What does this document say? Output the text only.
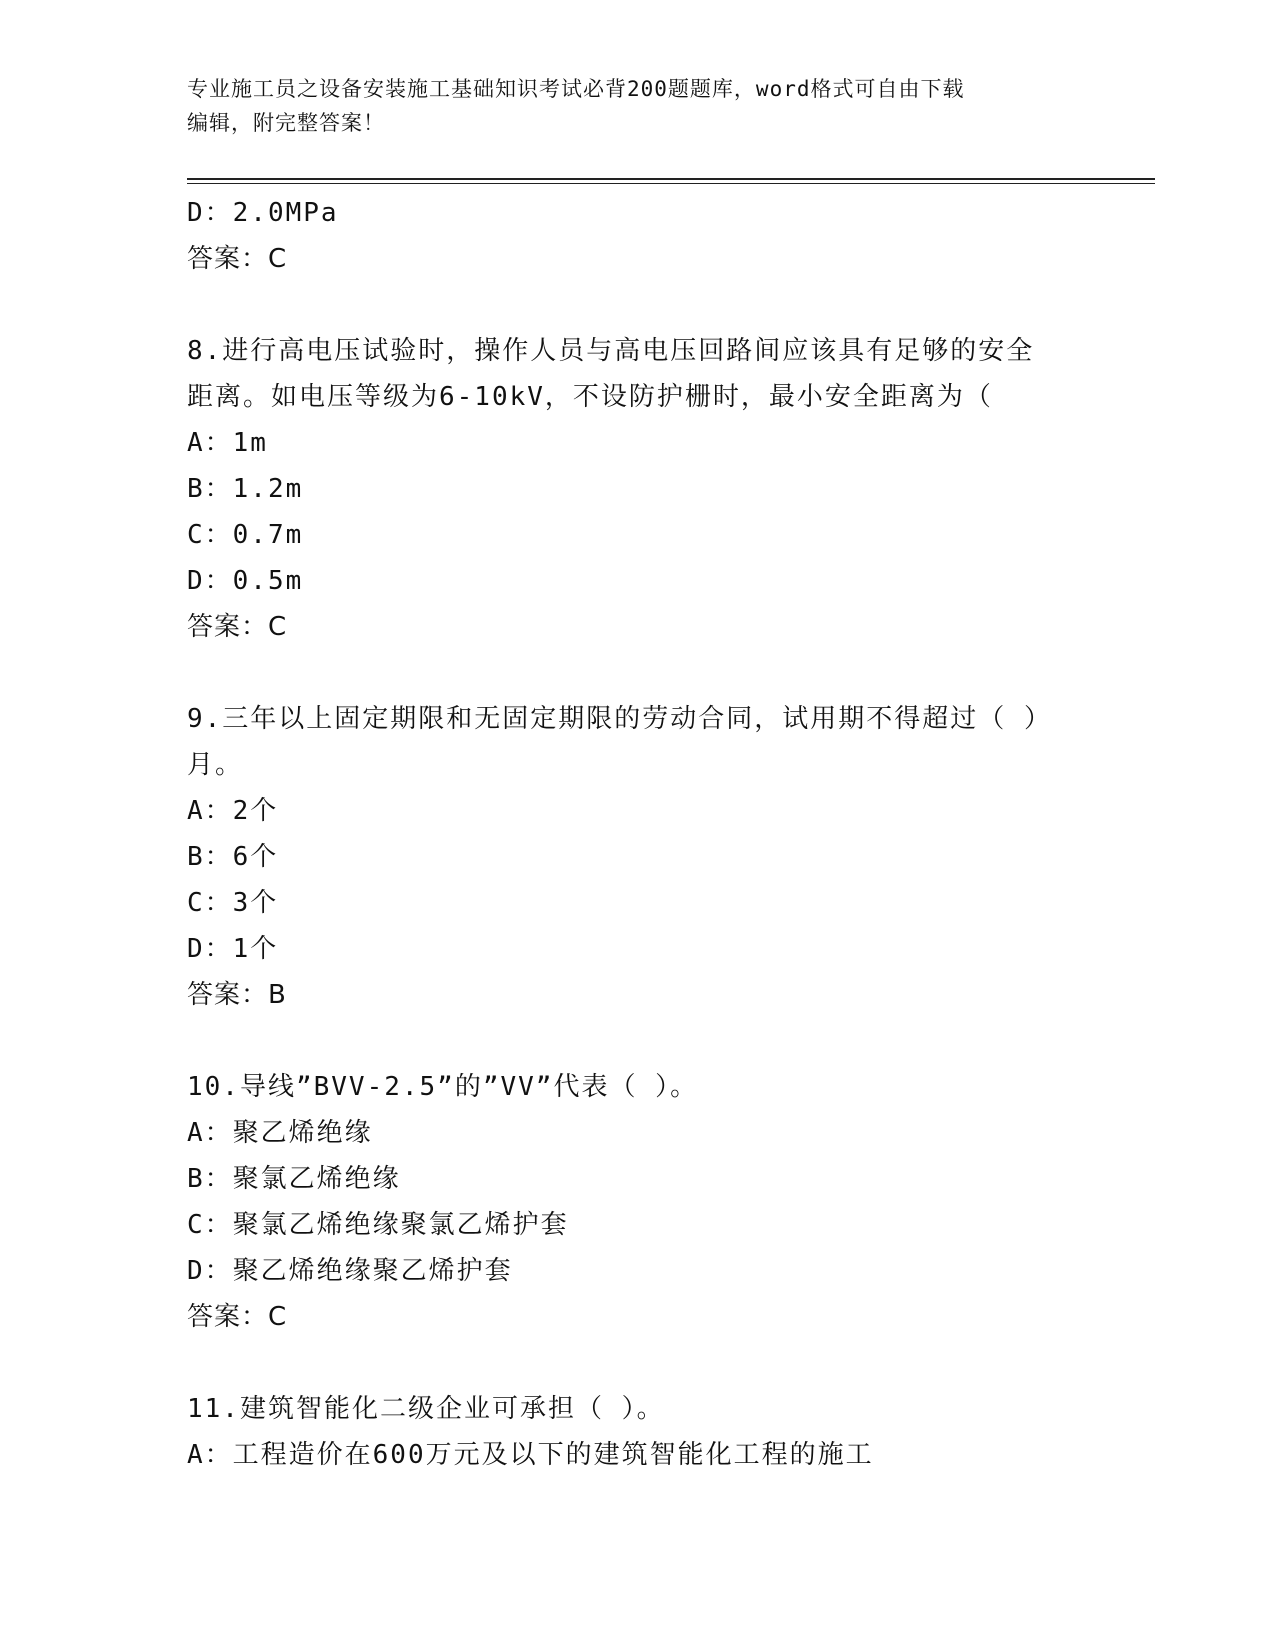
专业施工员之设备安装施工基础知识考试必背200题题库，word格式可自由下载
编辑，附完整答案！
D：2.0MPa
答案：C
8.进行高电压试验时，操作人员与高电压回路间应该具有足够的安全
距离。如电压等级为6-10kV，不设防护栅时，最小安全距离为（
A：1m
B：1.2m
C：0.7m
D：0.5m
答案：C
9.三年以上固定期限和无固定期限的劳动合同，试用期不得超过（ ）
月。
A：2个
B：6个
C：3个
D：1个
答案：B
10.导线”BVV-2.5”的”VV”代表（ ）。
A：聚乙烯绝缘
B：聚氯乙烯绝缘
C：聚氯乙烯绝缘聚氯乙烯护套
D：聚乙烯绝缘聚乙烯护套
答案：C
11.建筑智能化二级企业可承担（ ）。
A：工程造价在600万元及以下的建筑智能化工程的施工
